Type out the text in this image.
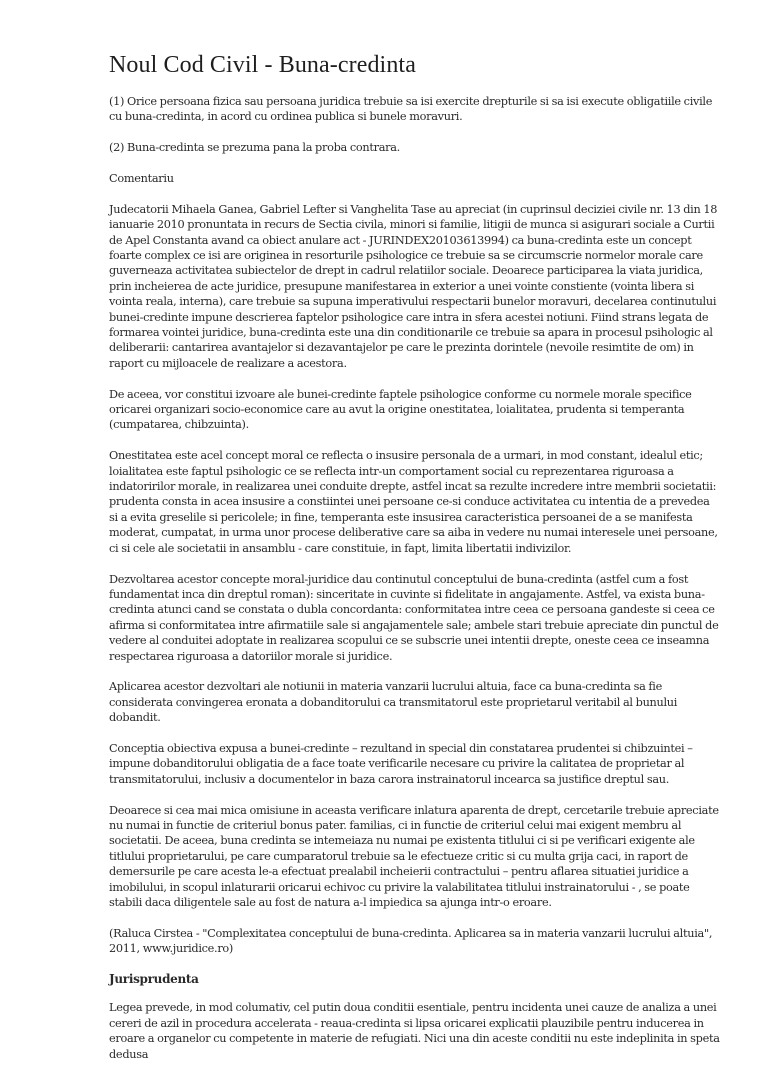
Noul Cod Civil - Buna-credinta

(1) Orice persoana fizica sau persoana juridica trebuie sa isi exercite drepturile si sa isi execute obligatiile civile cu buna-credinta, in acord cu ordinea publica si bunele moravuri.

(2) Buna-credinta se prezuma pana la proba contrara.

Comentariu

Judecatorii Mihaela Ganea, Gabriel Lefter si Vanghelita Tase au apreciat (in cuprinsul deciziei civile nr. 13 din 18 ianuarie 2010 pronuntata in recurs de Sectia civila, minori si familie, litigii de munca si asigurari sociale a Curtii de Apel Constanta avand ca obiect anulare act - JURINDEX20103613994) ca buna-credinta este un concept foarte complex ce isi are originea in resorturile psihologice ce trebuie sa se circumscrie normelor morale care guverneaza activitatea subiectelor de drept in cadrul relatiilor sociale. Deoarece participarea la viata juridica, prin incheierea de acte juridice, presupune manifestarea in exterior a unei vointe constiente (vointa libera si vointa reala, interna), care trebuie sa supuna imperativului respectarii bunelor moravuri, decelarea continutului bunei-credinte impune descrierea faptelor psihologice care intra in sfera acestei notiuni. Fiind strans legata de formarea vointei juridice, buna-credinta este una din conditionarile ce trebuie sa apara in procesul psihologic al deliberarii: cantarirea avantajelor si dezavantajelor pe care le prezinta dorintele (nevoile resimtite de om) in raport cu mijloacele de realizare a acestora.

De aceea, vor constitui izvoare ale bunei-credinte faptele psihologice conforme cu normele morale specifice oricarei organizari socio-economice care au avut la origine onestitatea, loialitatea, prudenta si temperanta (cumpatarea, chibzuinta).

Onestitatea este acel concept moral ce reflecta o insusire personala de a urmari, in mod constant, idealul etic; loialitatea este faptul psihologic ce se reflecta intr-un comportament social cu reprezentarea riguroasa a indatoririlor morale, in realizarea unei conduite drepte, astfel incat sa rezulte incredere intre membrii societatii: prudenta consta in acea insusire a constiintei unei persoane ce-si conduce activitatea cu intentia de a prevedea si a evita greselile si pericolele; in fine, temperanta este insusirea caracteristica persoanei de a se manifesta moderat, cumpatat, in urma unor procese deliberative care sa aiba in vedere nu numai interesele unei persoane, ci si cele ale societatii in ansamblu - care constituie, in fapt, limita libertatii indivizilor.

Dezvoltarea acestor concepte moral-juridice dau continutul conceptului de buna-credinta (astfel cum a fost fundamentat inca din dreptul roman): sinceritate in cuvinte si fidelitate in angajamente. Astfel, va exista buna-credinta atunci cand se constata o dubla concordanta: conformitatea intre ceea ce persoana gandeste si ceea ce afirma si conformitatea intre afirmatiile sale si angajamentele sale; ambele stari trebuie apreciate din punctul de vedere al conduitei adoptate in realizarea scopului ce se subscrie unei intentii drepte, oneste ceea ce inseamna respectarea riguroasa a datoriilor morale si juridice.

Aplicarea acestor dezvoltari ale notiunii in materia vanzarii lucrului altuia, face ca buna-credinta sa fie considerata convingerea eronata a dobanditorului ca transmitatorul este proprietarul veritabil al bunului dobandit.

Conceptia obiectiva expusa a bunei-credinte – rezultand in special din constatarea prudentei si chibzuintei – impune dobanditorului obligatia de a face toate verificarile necesare cu privire la calitatea de proprietar al transmitatorului, inclusiv a documentelor in baza carora instrainatorul incearca sa justifice dreptul sau.

Deoarece si cea mai mica omisiune in aceasta verificare inlatura aparenta de drept, cercetarile trebuie apreciate nu numai in functie de criteriul bonus pater. familias, ci in functie de criteriul celui mai exigent membru al societatii. De aceea, buna credinta se intemeiaza nu numai pe existenta titlului ci si pe verificari exigente ale titlului proprietarului, pe care cumparatorul trebuie sa le efectueze critic si cu multa grija caci, in raport de demersurile pe care acesta le-a efectuat prealabil incheierii contractului – pentru aflarea situatiei juridice a imobilului, in scopul inlaturarii oricarui echivoc cu privire la valabilitatea titlului instrainatorului - , se poate stabili daca diligentele sale au fost de natura a-l impiedica sa ajunga intr-o eroare.

(Raluca Cirstea - "Complexitatea conceptului de buna-credinta. Aplicarea sa in materia vanzarii lucrului altuia", 2011, www.juridice.ro)

Jurisprudenta

Legea prevede, in mod columativ, cel putin doua conditii esentiale, pentru incidenta unei cauze de analiza a unei cereri de azil in procedura accelerata - reaua-credinta si lipsa oricarei explicatii plauzibile pentru inducerea in eroare a organelor cu competente in materie de refugiati. Nici una din aceste conditii nu este indeplinita in speta dedusa
